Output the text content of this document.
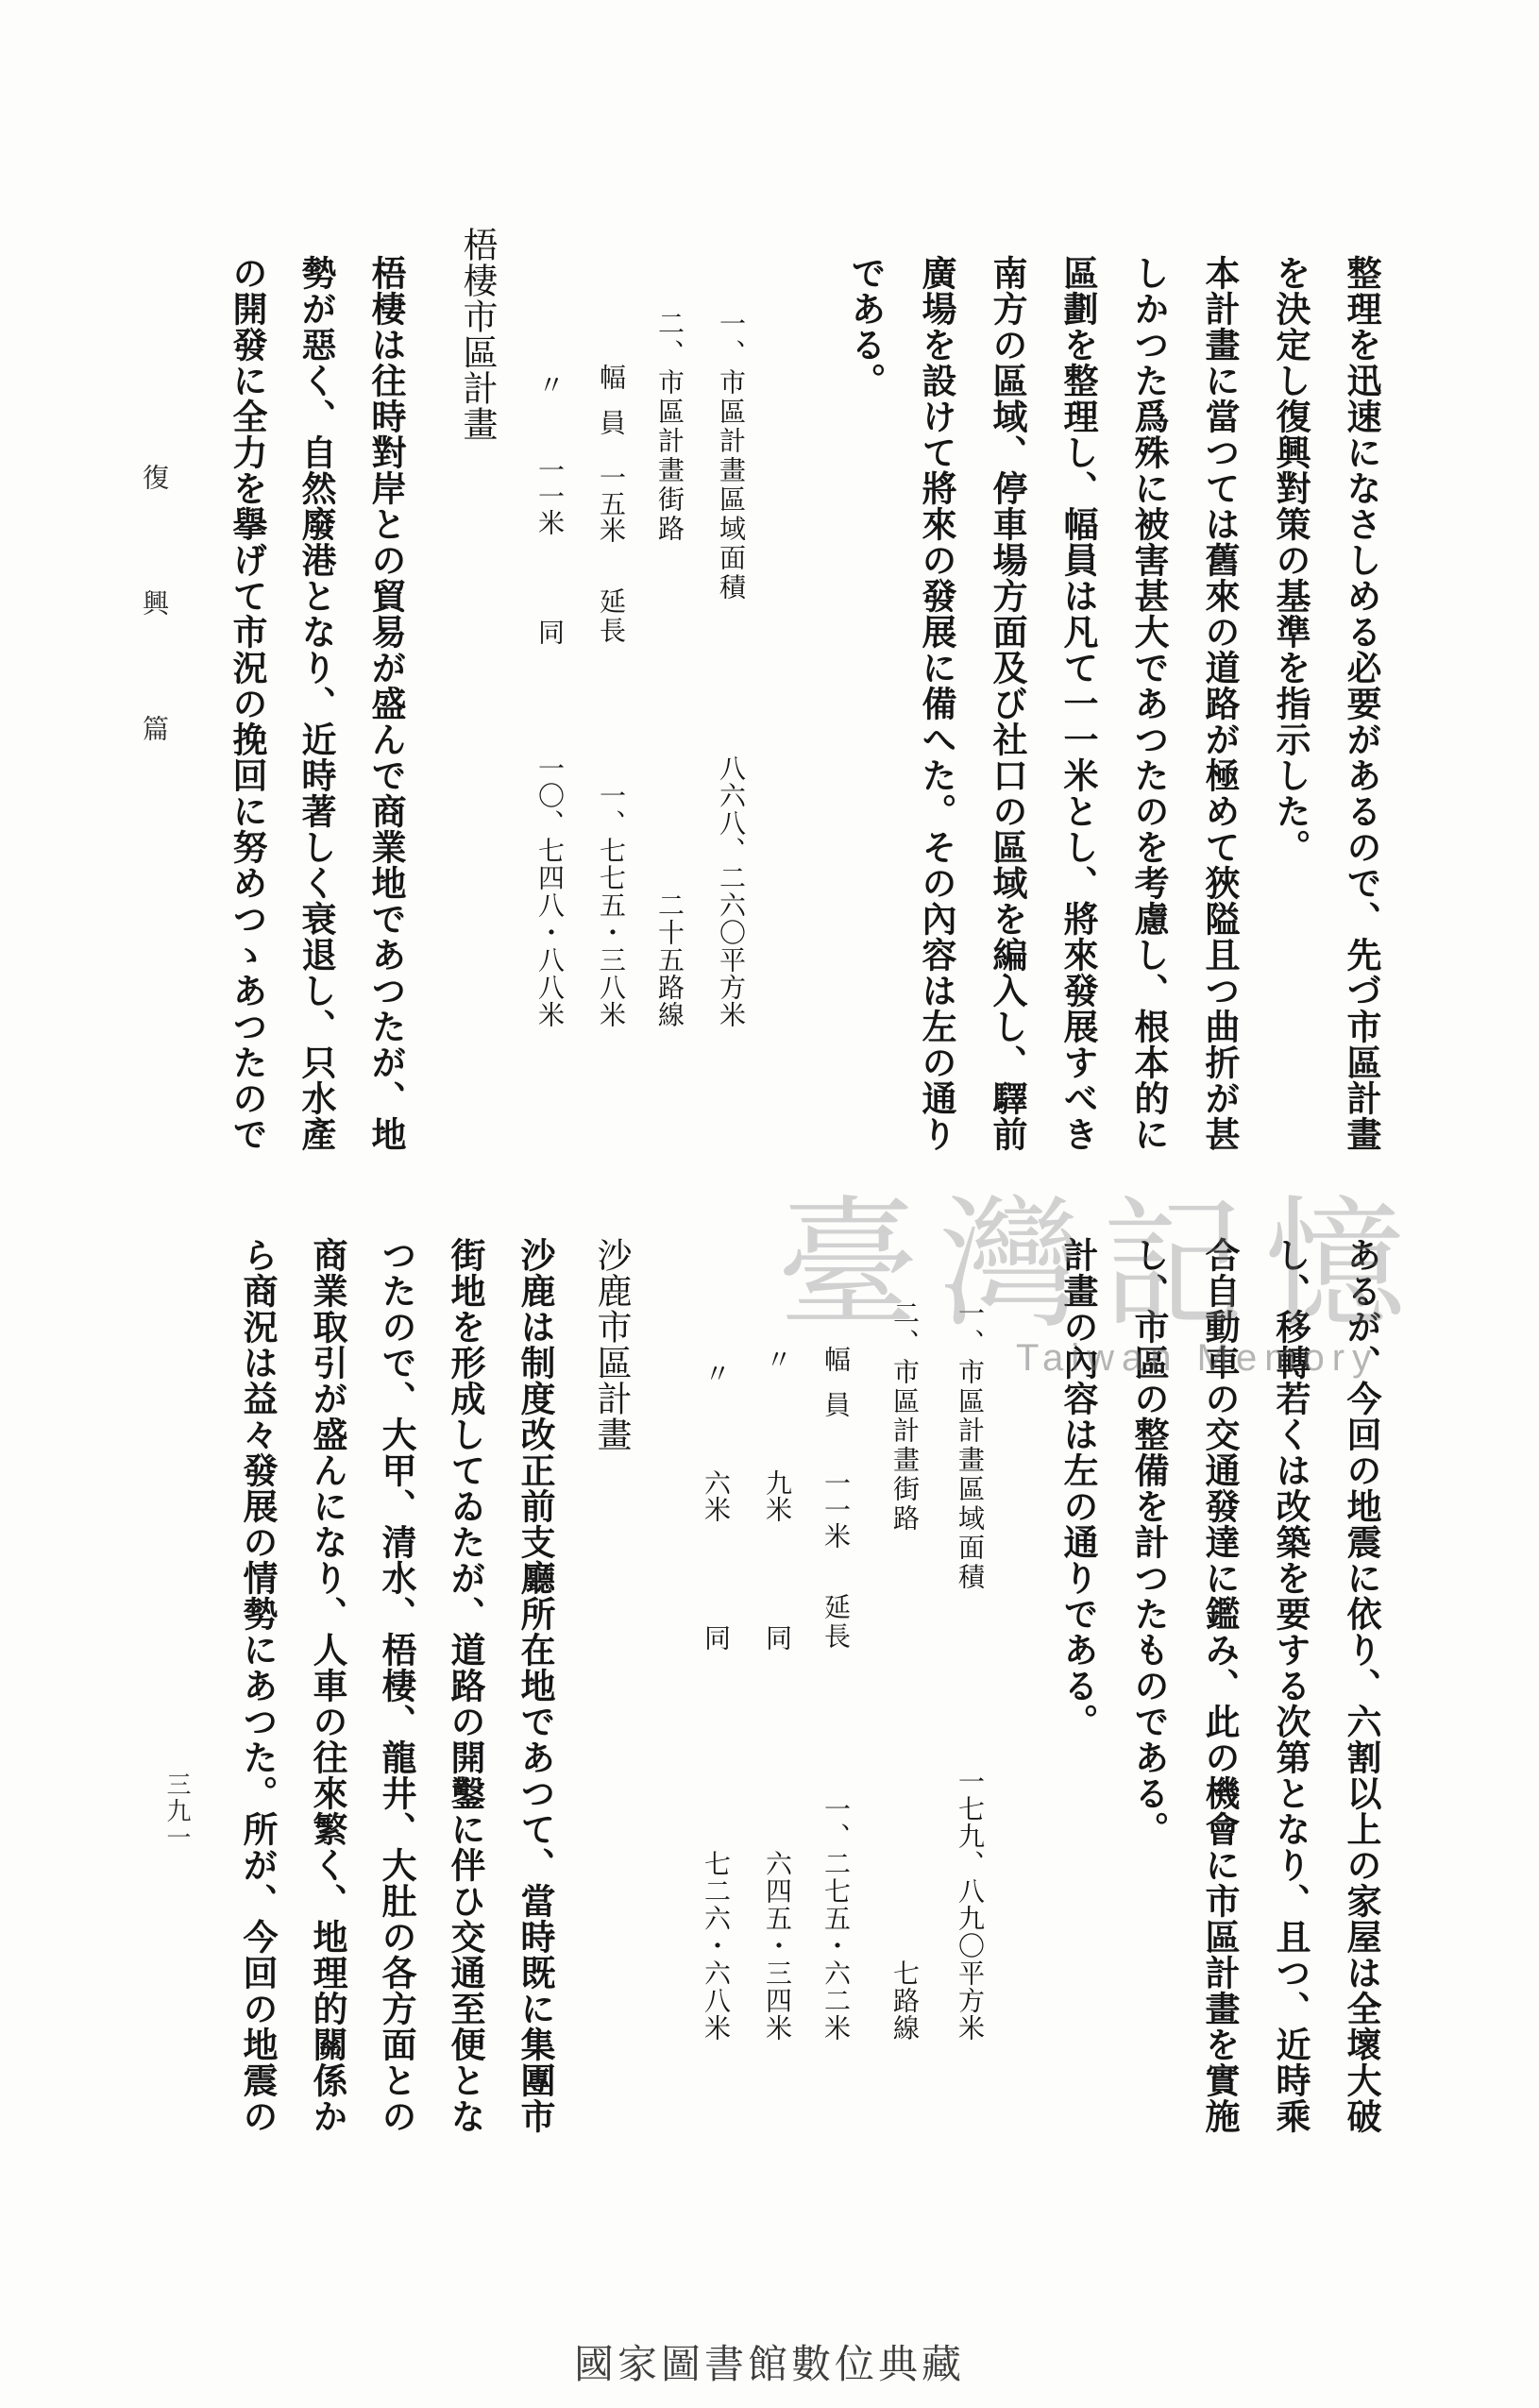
整理を迅速になさしめる必要があるので、先づ市區計畫
を決定し復興對策の基準を指示した。
本計畫に當つては舊來の道路が極めて狹隘且つ曲折が甚
しかつた爲殊に被害甚大であつたのを考慮し、根本的に
區劃を整理し、幅員は凡て一一米とし、將來發展すべき
南方の區域、停車場方面及び社口の區域を編入し、驛前
廣場を設けて將來の發展に備へた。その內容は左の通り
である。
一、市區計畫區域面積
八六八、二六〇平方米
二、市區計畫街路
二十五路線
幅員
一五米
延長
一、七七五・三八米
〃
一一米
同
一〇、七四八・八八米
梧棲市區計畫
梧棲は往時對岸との貿易が盛んで商業地であつたが、地
勢が惡く、自然廢港となり、近時著しく衰退し、只水產
の開發に全力を擧げて市況の挽回に努めつゝあつたので
復興篇
あるが、今回の地震に依り、六割以上の家屋は全壞大破
し、移轉若くは改築を要する次第となり、且つ、近時乘
合自動車の交通發達に鑑み、此の機會に市區計畫を實施
し、市區の整備を計つたものである。
計畫の內容は左の通りである。
一、市區計畫區域面積
一七九、八九〇平方米
二、市區計畫街路
七路線
幅員
一一米
延長
一、二七五・六二米
〃
九米
同
六四五・三四米
〃
六米
同
七二六・六八米
沙鹿市區計畫
沙鹿は制度改正前支廳所在地であつて、當時既に集團市
街地を形成してゐたが、道路の開鑿に伴ひ交通至便とな
つたので、大甲、清水、梧棲、龍井、大肚の各方面との
商業取引が盛んになり、人車の往來繁く、地理的關係か
ら商況は益々發展の情勢にあつた。所が、今回の地震の
三九一
臺灣記憶
Taiwan Memory
國家圖書館數位典藏
